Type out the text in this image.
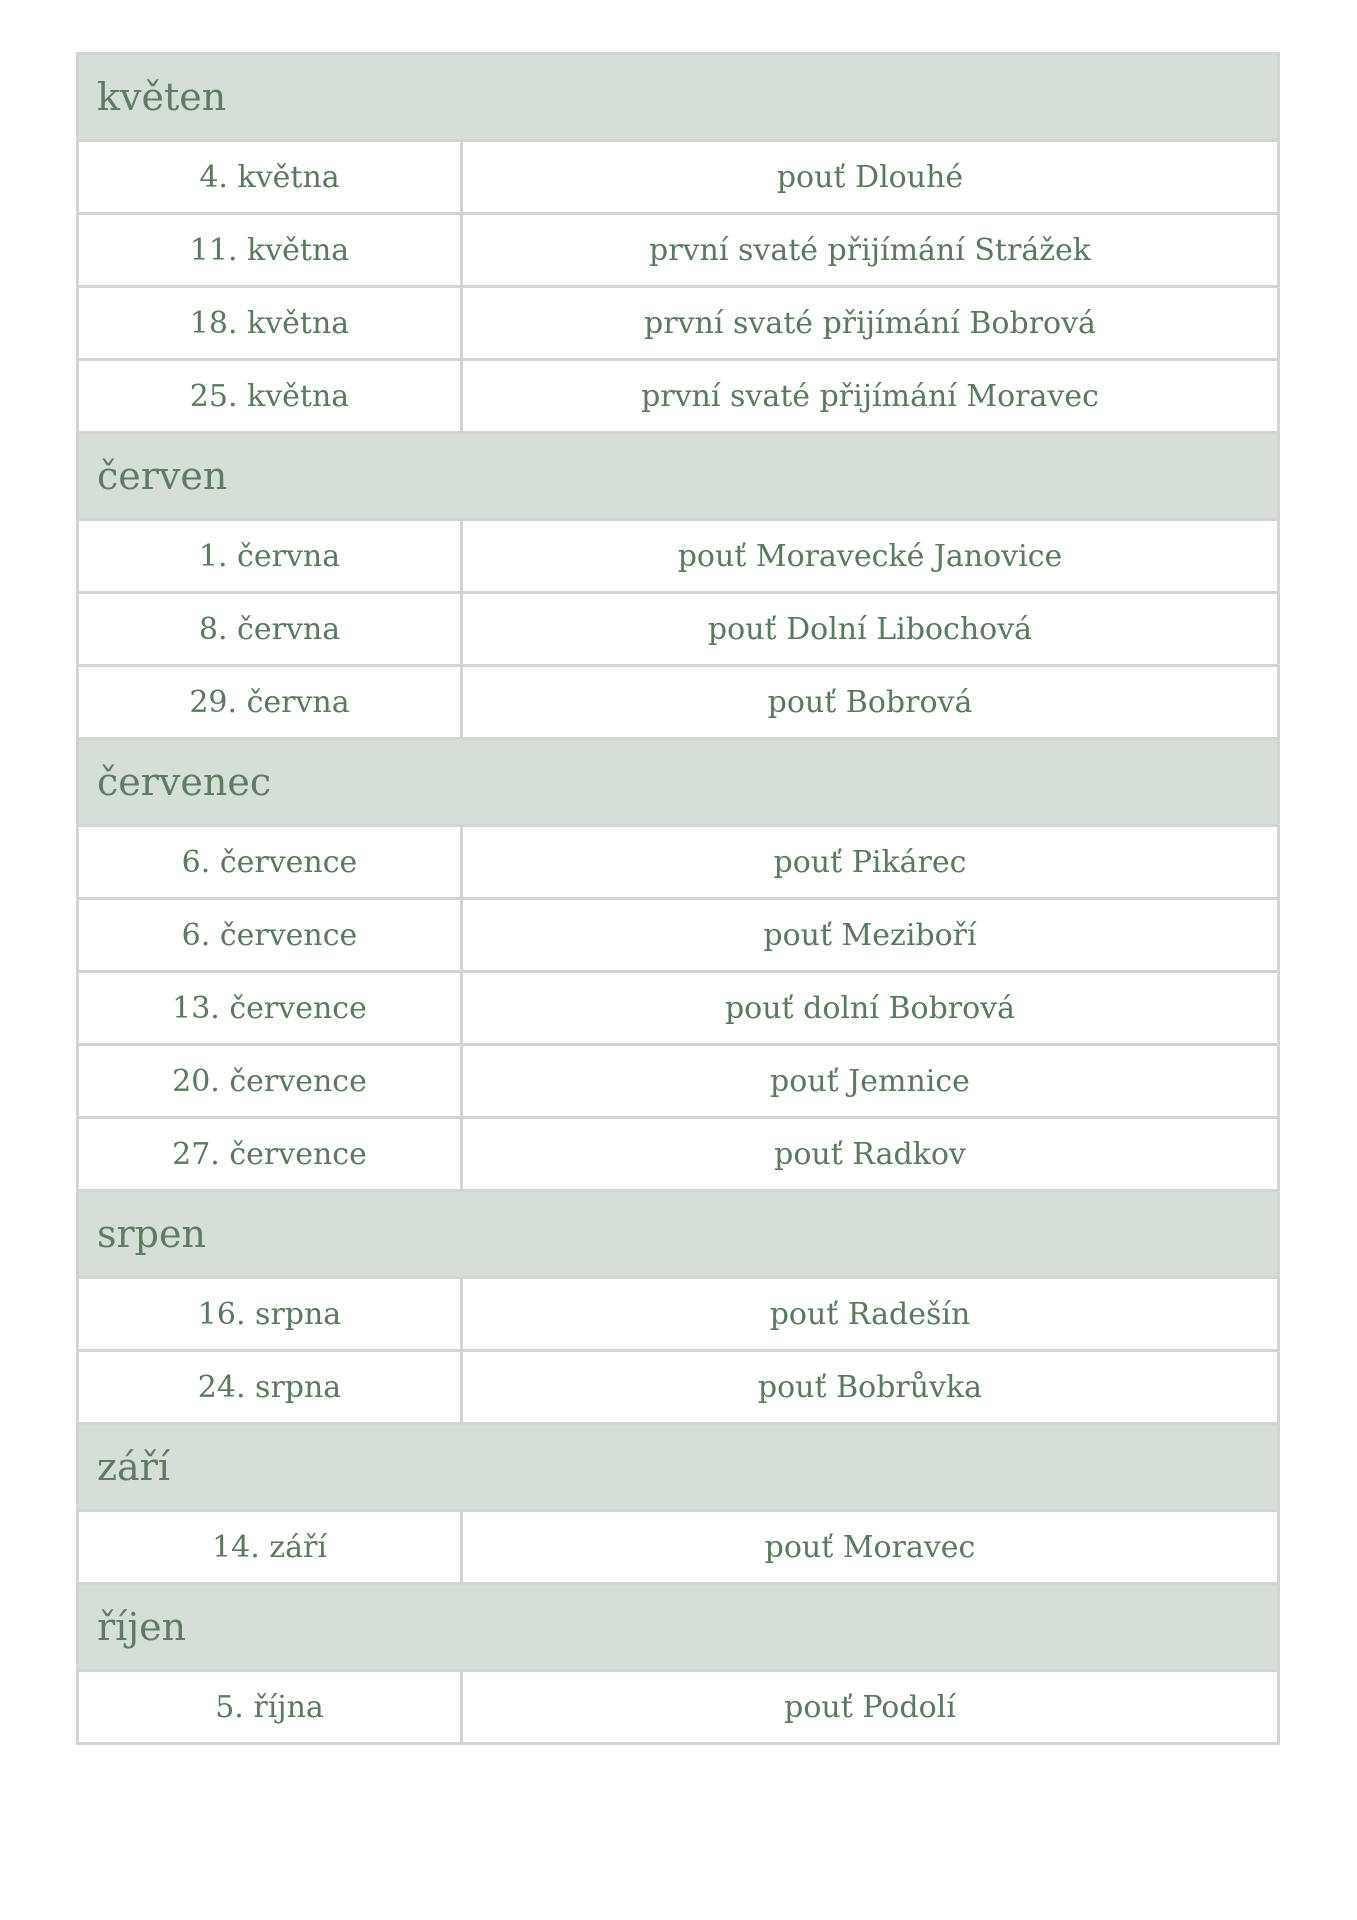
květen	
4. května	pouť Dlouhé
11. května	první svaté přijímání Strážek
18. května	první svaté přijímání Bobrová
25. května	první svaté přijímání Moravec
červen	
1. června	pouť Moravecké Janovice
8. června	pouť Dolní Libochová
29. června	pouť Bobrová
červenec	
6. července	pouť Pikárec
6. července	pouť Meziboří
13. července	pouť dolní Bobrová
20. července	pouť Jemnice
27. července	pouť Radkov
srpen	
16. srpna	pouť Radešín
24. srpna	pouť Bobrůvka
září	
14. září	pouť Moravec
říjen	
5. října	pouť Podolí
